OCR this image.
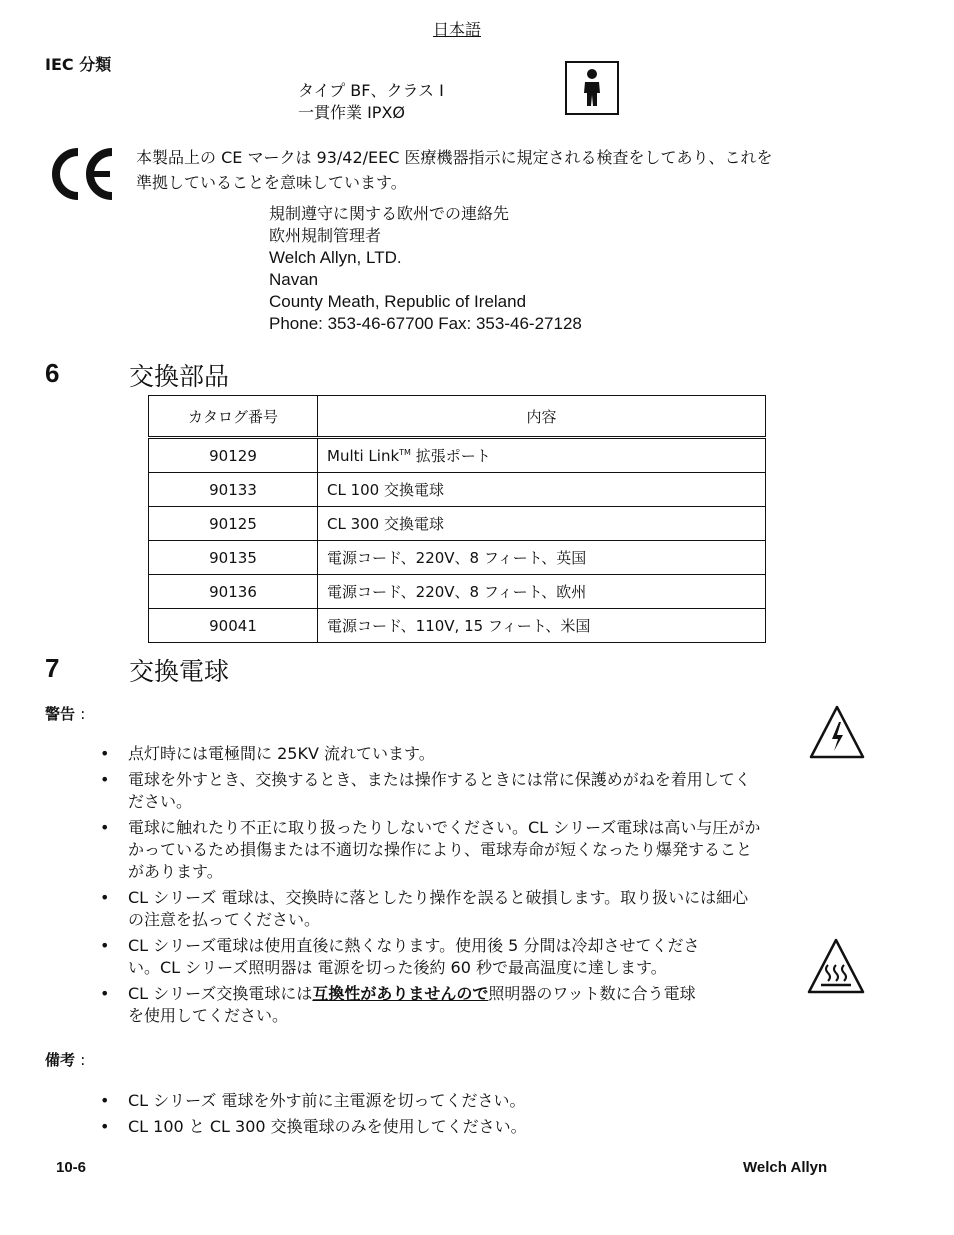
日本語
IEC 分類
タイプ BF、クラス I
一貫作業 IPXØ
本製品上の CE マークは 93/42/EEC 医療機器指示に規定される検査をしてあり、これを
準拠していることを意味しています。
規制遵守に関する欧州での連絡先
欧州規制管理者
Welch Allyn, LTD.
Navan
County Meath, Republic of Ireland
Phone: 353-46-67700 Fax: 353-46-27128
6	交換部品
カタログ番号	内容
90129	Multi Link™ 拡張ポート
90133	CL 100 交換電球
90125	CL 300 交換電球
90135	電源コード、220V、8 フィート、英国
90136	電源コード、220V、8 フィート、欧州
90041	電源コード、110V, 15 フィート、米国
7	交換電球
警告 :
• 点灯時には電極間に 25KV 流れています。
• 電球を外すとき、交換するとき、または操作するときには常に保護めがねを着用してく
ださい。
• 電球に触れたり不正に取り扱ったりしないでください。CL シリーズ電球は高い与圧がか
かっているため損傷または不適切な操作により、電球寿命が短くなったり爆発すること
があります。
• CL シリーズ 電球は、交換時に落としたり操作を誤ると破損します。取り扱いには細心
の注意を払ってください。
• CL シリーズ電球は使用直後に熱くなります。使用後 5 分間は冷却させてくださ
い。CL シリーズ照明器は 電源を切った後約 60 秒で最高温度に達します。
• CL シリーズ交換電球には互換性がありませんので照明器のワット数に合う電球
を使用してください。
備考 :
• CL シリーズ 電球を外す前に主電源を切ってください。
• CL 100 と CL 300 交換電球のみを使用してください。
10-6	Welch Allyn
